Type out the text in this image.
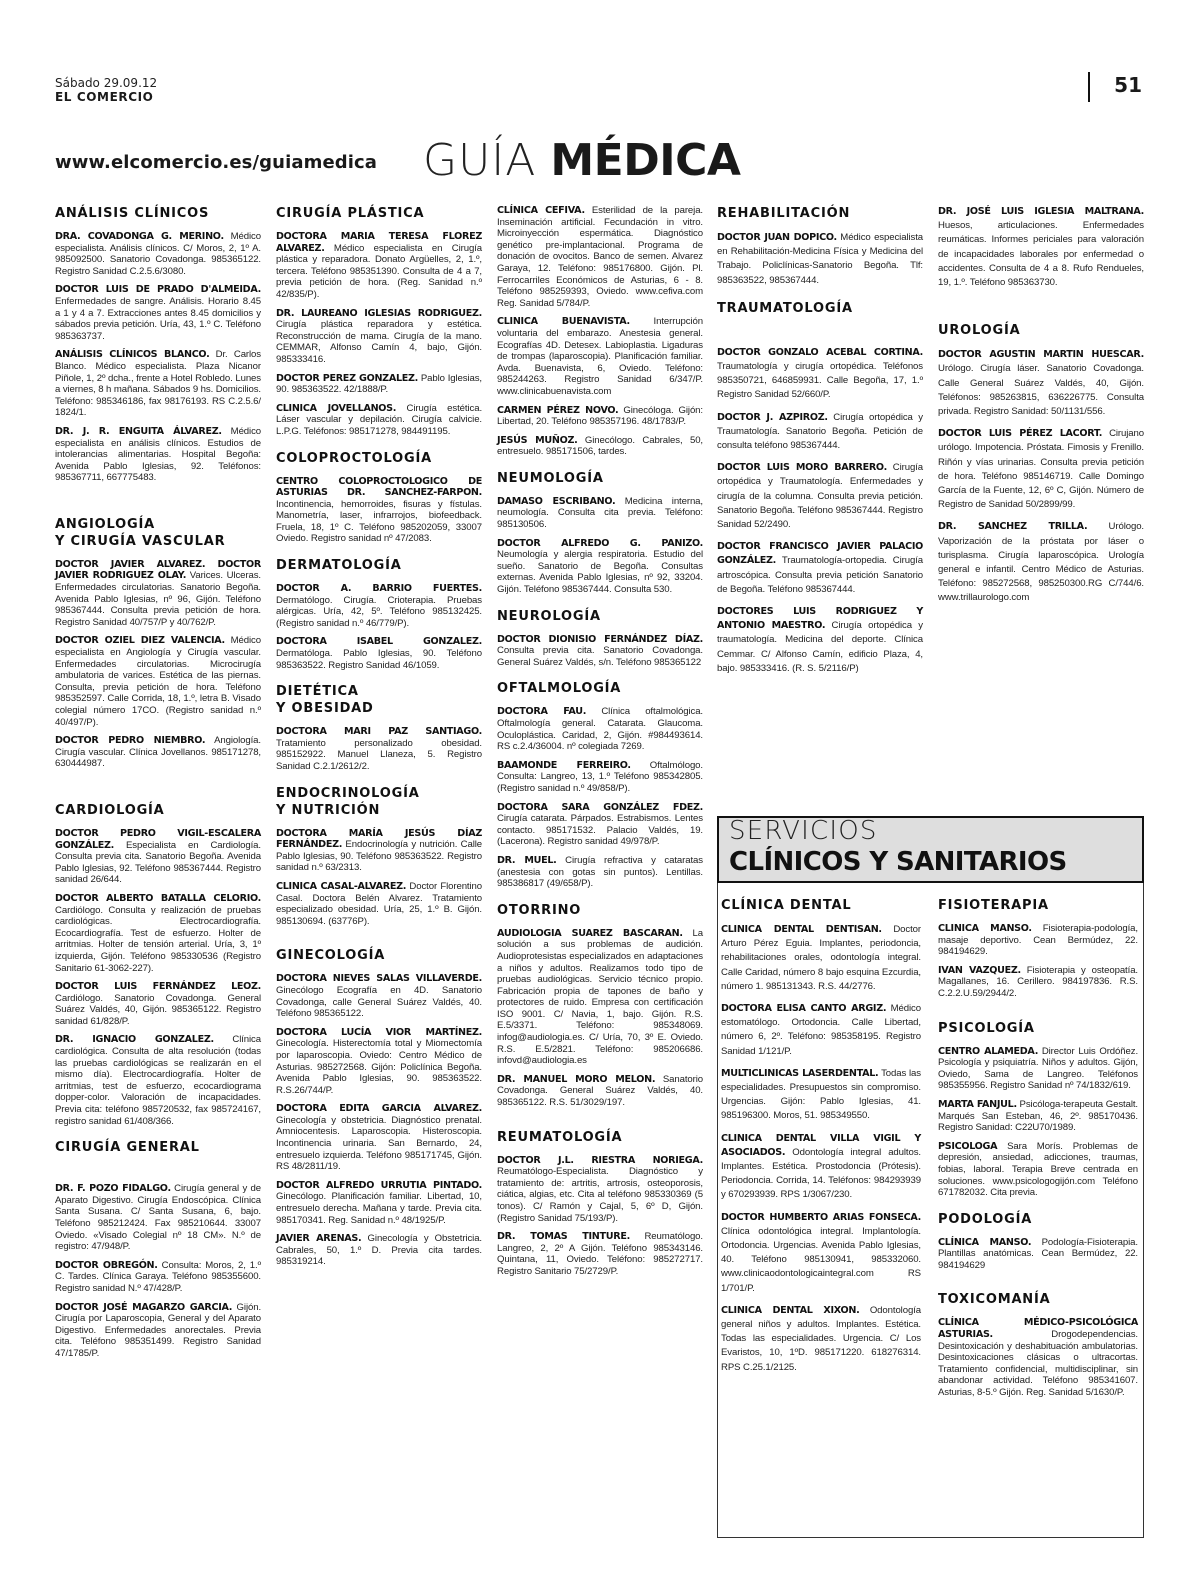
Sábado 29.09.12
EL COMERCIO	51
www.elcomercio.es/guiamedica GUÍA MÉDICA
ANÁLISIS CLÍNICOS

DRA. COVADONGA G. MERINO. Médico especialista. Análisis clínicos. C/ Moros, 2, 1º A. 985092500. Sanatorio Covadonga. 985365122. Registro Sanidad C.2.5.6/3080.

DOCTOR LUIS DE PRADO D'ALMEIDA. Enfermedades de sangre. Análisis. Horario 8.45 a 1 y 4 a 7. Extracciones antes 8.45 domicilios y sábados previa petición. Uría, 43, 1.º C. Teléfono 985363737.

ANÁLISIS CLÍNICOS BLANCO. Dr. Carlos Blanco. Médico especialista. Plaza Nicanor Piñole, 1, 2º dcha., frente a Hotel Robledo. Lunes a viernes, 8 h mañana. Sábados 9 hs. Domicilios. Teléfono: 985346186, fax 98176193. RS C.2.5.6/ 1824/1.

DR. J. R. ENGUITA ÁLVAREZ. Médico especialista en análisis clínicos. Estudios de intolerancias alimentarias. Hospital Begoña: Avenida Pablo Iglesias, 92. Teléfonos: 985367711, 667775483.

ANGIOLOGÍA
Y CIRUGÍA VASCULAR

DOCTOR JAVIER ALVAREZ. DOCTOR JAVIER RODRIGUEZ OLAY. Varices. Ulceras. Enfermedades circulatorias. Sanatorio Begoña. Avenida Pablo Iglesias, nº 96, Gijón. Teléfono 985367444. Consulta previa petición de hora. Registro Sanidad 40/757/P y 40/762/P.

DOCTOR OZIEL DIEZ VALENCIA. Médico especialista en Angiología y Cirugía vascular. Enfermedades circulatorias. Microcirugía ambulatoria de varices. Estética de las piernas. Consulta, previa petición de hora. Teléfono 985352597. Calle Corrida, 18, 1.º, letra B. Visado colegial número 17CO. (Registro sanidad n.º 40/497/P).

DOCTOR PEDRO NIEMBRO. Angiología. Cirugía vascular. Clínica Jovellanos. 985171278, 630444987.

CARDIOLOGÍA

DOCTOR PEDRO VIGIL-ESCALERA GONZÁLEZ. Especialista en Cardiología. Consulta previa cita. Sanatorio Begoña. Avenida Pablo Iglesias, 92. Teléfono 985367444. Registro sanidad 26/644.

DOCTOR ALBERTO BATALLA CELORIO. Cardiólogo. Consulta y realización de pruebas cardiológicas. Electrocardiografía. Ecocardiografía. Test de esfuerzo. Holter de arritmias. Holter de tensión arterial. Uría, 3, 1º izquierda, Gijón. Teléfono 985330536 (Registro Sanitario 61-3062-227).

DOCTOR LUIS FERNÁNDEZ LEOZ. Cardiólogo. Sanatorio Covadonga. General Suárez Valdés, 40, Gijón. 985365122. Registro sanidad 61/828/P.

DR. IGNACIO GONZALEZ. Clínica cardiológica. Consulta de alta resolución (todas las pruebas cardiológicas se realizarán en el mismo día). Electrocardiografía. Holter de arritmias, test de esfuerzo, ecocardiograma dopper-color. Valoración de incapacidades. Previa cita: teléfono 985720532, fax 985724167, registro sanidad 61/408/366.

CIRUGÍA GENERAL

DR. F. POZO FIDALGO. Cirugía general y de Aparato Digestivo. Cirugía Endoscópica. Clínica Santa Susana. C/ Santa Susana, 6, bajo. Teléfono 985212424. Fax 985210644. 33007 Oviedo. «Visado Colegial nº 18 CM». N.º de registro: 47/948/P.

DOCTOR OBREGÓN. Consulta: Moros, 2, 1.º C. Tardes. Clínica Garaya. Teléfono 985355600. Registro sanidad N.º 47/428/P.

DOCTOR JOSÉ MAGARZO GARCIA. Gijón. Cirugía por Laparoscopia, General y del Aparato Digestivo. Enfermedades anorectales. Previa cita. Teléfono 985351499. Registro Sanidad 47/1785/P.

CIRUGÍA PLÁSTICA

DOCTORA MARIA TERESA FLOREZ ALVAREZ. Médico especialista en Cirugía plástica y reparadora. Donato Argüelles, 2, 1.º, tercera. Teléfono 985351390. Consulta de 4 a 7, previa petición de hora. (Reg. Sanidad n.º 42/835/P).

DR. LAUREANO IGLESIAS RODRIGUEZ. Cirugía plástica reparadora y estética. Reconstrucción de mama. Cirugía de la mano. CEMMAR, Alfonso Camín 4, bajo, Gijón. 985333416.

DOCTOR PEREZ GONZALEZ. Pablo Iglesias, 90. 985363522. 42/1888/P.

CLINICA JOVELLANOS. Cirugía estética. Láser vascular y depilación. Cirugía calvicie. L.P.G. Teléfonos: 985171278, 984491195.

COLOPROCTOLOGÍA

CENTRO COLOPROCTOLOGICO DE ASTURIAS DR. SANCHEZ-FARPON. Incontinencia, hemorroides, fisuras y fístulas. Manometría, laser, infrarrojos, biofeedback. Fruela, 18, 1º C. Teléfono 985202059, 33007 Oviedo. Registro sanidad nº 47/2083.

DERMATOLOGÍA

DOCTOR A. BARRIO FUERTES. Dermatólogo. Cirugía. Crioterapia. Pruebas alérgicas. Uría, 42, 5º. Teléfono 985132425. (Registro sanidad n.º 46/779/P).

DOCTORA ISABEL GONZALEZ. Dermatóloga. Pablo Iglesias, 90. Teléfono 985363522. Registro Sanidad 46/1059.

DIETÉTICA
Y OBESIDAD

DOCTORA MARI PAZ SANTIAGO. Tratamiento personalizado obesidad. 985152922. Manuel Llaneza, 5. Registro Sanidad C.2.1/2612/2.

ENDOCRINOLOGÍA
Y NUTRICIÓN

DOCTORA MARÍA JESÚS DÍAZ FERNÁNDEZ. Endocrinología y nutrición. Calle Pablo Iglesias, 90. Teléfono 985363522. Registro sanidad n.º 63/2313.

CLINICA CASAL-ALVAREZ. Doctor Florentino Casal. Doctora Belén Alvarez. Tratamiento especializado obesidad. Uría, 25, 1.º B. Gijón. 985130694. (63776P).

GINECOLOGÍA

DOCTORA NIEVES SALAS VILLAVERDE. Ginecólogo Ecografía en 4D. Sanatorio Covadonga, calle General Suárez Valdés, 40. Teléfono 985365122.

DOCTORA LUCÍA VIOR MARTÍNEZ. Ginecología. Histerectomía total y Miomectomía por laparoscopia. Oviedo: Centro Médico de Asturias. 985272568. Gijón: Policlínica Begoña. Avenida Pablo Iglesias, 90. 985363522. R.S.26/744/P.

DOCTORA EDITA GARCIA ALVAREZ. Ginecología y obstetricia. Diagnóstico prenatal. Amniocentesis. Laparoscopia. Histeroscopia. Incontinencia urinaria. San Bernardo, 24, entresuelo izquierda. Teléfono 985171745, Gijón. RS 48/2811/19.

DOCTOR ALFREDO URRUTIA PINTADO. Ginecólogo. Planificación familiar. Libertad, 10, entresuelo derecha. Mañana y tarde. Previa cita. 985170341. Reg. Sanidad n.º 48/1925/P.

JAVIER ARENAS. Ginecología y Obstetricia. Cabrales, 50, 1.º D. Previa cita tardes. 985319214.

CLÍNICA CEFIVA. Esterilidad de la pareja. Inseminación artificial. Fecundación in vitro. Microinyección espermática. Diagnóstico genético pre-implantacional. Programa de donación de ovocitos. Banco de semen. Alvarez Garaya, 12. Teléfono: 985176800. Gijón. Pl. Ferrocarriles Económicos de Asturias, 6 - 8. Teléfono 985259393, Oviedo. www.cefiva.com Reg. Sanidad 5/784/P.

CLINICA BUENAVISTA. Interrupción voluntaria del embarazo. Anestesia general. Ecografías 4D. Detesex. Labioplastia. Ligaduras de trompas (laparoscopia). Planificación familiar. Avda. Buenavista, 6, Oviedo. Teléfono: 985244263. Registro Sanidad 6/347/P. www.clinicabuenavista.com

CARMEN PÉREZ NOVO. Ginecóloga. Gijón: Libertad, 20. Teléfono 985357196. 48/1783/P.

JESÚS MUÑOZ. Ginecólogo. Cabrales, 50, entresuelo. 985171506, tardes.

NEUMOLOGÍA

DAMASO ESCRIBANO. Medicina interna, neumología. Consulta cita previa. Teléfono: 985130506.

DOCTOR ALFREDO G. PANIZO. Neumología y alergia respiratoria. Estudio del sueño. Sanatorio de Begoña. Consultas externas. Avenida Pablo Iglesias, nº 92, 33204. Gijón. Teléfono 985367444. Consulta 530.

NEUROLOGÍA

DOCTOR DIONISIO FERNÁNDEZ DÍAZ. Consulta previa cita. Sanatorio Covadonga. General Suárez Valdés, s/n. Teléfono 985365122

OFTALMOLOGÍA

DOCTORA FAU. Clínica oftalmológica. Oftalmología general. Catarata. Glaucoma. Oculoplástica. Caridad, 2, Gijón. #984493614. RS c.2.4/36004. nº colegiada 7269.

BAAMONDE FERREIRO. Oftalmólogo. Consulta: Langreo, 13, 1.º Teléfono 985342805. (Registro sanidad n.º 49/858/P).

DOCTORA SARA GONZÁLEZ FDEZ. Cirugía catarata. Párpados. Estrabismos. Lentes contacto. 985171532. Palacio Valdés, 19. (Lacerona). Registro sanidad 49/978/P.

DR. MUEL. Cirugía refractiva y cataratas (anestesia con gotas sin puntos). Lentillas. 985386817 (49/658/P).

OTORRINO

AUDIOLOGIA SUAREZ BASCARAN. La solución a sus problemas de audición. Audioprotesistas especializados en adaptaciones a niños y adultos. Realizamos todo tipo de pruebas audiológicas. Servicio técnico propio. Fabricación propia de tapones de baño y protectores de ruido. Empresa con certificación ISO 9001. C/ Navia, 1, bajo. Gijón. R.S. E.5/3371. Teléfono: 985348069. infog@audiologia.es. C/ Uría, 70, 3º E. Oviedo. R.S. E.5/2821. Teléfono: 985206686. infovd@audiologia.es

DR. MANUEL MORO MELON. Sanatorio Covadonga. General Suárez Valdés, 40. 985365122. R.S. 51/3029/197.

REUMATOLOGÍA

DOCTOR J.L. RIESTRA NORIEGA. Reumatólogo-Especialista. Diagnóstico y tratamiento de: artritis, artrosis, osteoporosis, ciática, algias, etc. Cita al teléfono 985330369 (5 tonos). C/ Ramón y Cajal, 5, 6º D, Gijón. (Registro Sanidad 75/193/P).

DR. TOMAS TINTURE. Reumatólogo. Langreo, 2, 2º A Gijón. Teléfono 985343146. Quintana, 11, Oviedo. Teléfono: 985272717. Registro Sanitario 75/2729/P.

REHABILITACIÓN

DOCTOR JUAN DOPICO. Médico especialista en Rehabilitación-Medicina Física y Medicina del Trabajo. Policlínicas-Sanatorio Begoña. Tlf: 985363522, 985367444.

TRAUMATOLOGÍA

DOCTOR GONZALO ACEBAL CORTINA. Traumatología y cirugía ortopédica. Teléfonos 985350721, 646859931. Calle Begoña, 17, 1.º Registro Sanidad 52/660/P.

DOCTOR J. AZPIROZ. Cirugía ortopédica y Traumatología. Sanatorio Begoña. Petición de consulta teléfono 985367444.

DOCTOR LUIS MORO BARRERO. Cirugía ortopédica y Traumatología. Enfermedades y cirugía de la columna. Consulta previa petición. Sanatorio Begoña. Teléfono 985367444. Registro Sanidad 52/2490.

DOCTOR FRANCISCO JAVIER PALACIO GONZÁLEZ. Traumatología-ortopedia. Cirugía artroscópica. Consulta previa petición Sanatorio de Begoña. Teléfono 985367444.

DOCTORES LUIS RODRIGUEZ Y ANTONIO MAESTRO. Cirugía ortopédica y traumatología. Medicina del deporte. Clínica Cemmar. C/ Alfonso Camín, edificio Plaza, 4, bajo. 985333416. (R. S. 5/2116/P)

DR. JOSÉ LUIS IGLESIA MALTRANA. Huesos, articulaciones. Enfermedades reumáticas. Informes periciales para valoración de incapacidades laborales por enfermedad o accidentes. Consulta de 4 a 8. Rufo Rendueles, 19, 1.º. Teléfono 985363730.

UROLOGÍA

DOCTOR AGUSTIN MARTIN HUESCAR. Urólogo. Cirugía láser. Sanatorio Covadonga. Calle General Suárez Valdés, 40, Gijón. Teléfonos: 985263815, 636226775. Consulta privada. Registro Sanidad: 50/1131/556.

DOCTOR LUIS PÉREZ LACORT. Cirujano urólogo. Impotencia. Próstata. Fimosis y Frenillo. Riñón y vías urinarias. Consulta previa petición de hora. Teléfono 985146719. Calle Domingo García de la Fuente, 12, 6º C, Gijón. Número de Registro de Sanidad 50/2899/99.

DR. SANCHEZ TRILLA. Urólogo. Vaporización de la próstata por láser o turisplasma. Cirugía laparoscópica. Urología general e infantil. Centro Médico de Asturias. Teléfono: 985272568, 985250300.RG C/744/6. www.trillaurologo.com

SERVICIOS
CLÍNICOS Y SANITARIOS
CLÍNICA DENTAL

CLINICA DENTAL DENTISAN. Doctor Arturo Pérez Eguia. Implantes, periodoncia, rehabilitaciones orales, odontología integral. Calle Caridad, número 8 bajo esquina Ezcurdia, número 1. 985131343. R.S. 44/2776.

DOCTORA ELISA CANTO ARGIZ. Médico estomatólogo. Ortodoncia. Calle Libertad, número 6, 2º. Teléfono: 985358195. Registro Sanidad 1/121/P.

MULTICLINICAS LASERDENTAL. Todas las especialidades. Presupuestos sin compromiso. Urgencias. Gijón: Pablo Iglesias, 41. 985196300. Moros, 51. 985349550.

CLINICA DENTAL VILLA VIGIL Y ASOCIADOS. Odontología integral adultos. Implantes. Estética. Prostodoncia (Prótesis). Periodoncia. Corrida, 14. Teléfonos: 984293939 y 670293939. RPS 1/3067/230.

DOCTOR HUMBERTO ARIAS FONSECA. Clínica odontológica integral. Implantología. Ortodoncia. Urgencias. Avenida Pablo Iglesias, 40. Teléfono 985130941, 985332060. www.clinicaodontologicaintegral.com RS 1/701/P.

CLINICA DENTAL XIXON. Odontología general niños y adultos. Implantes. Estética. Todas las especialidades. Urgencia. C/ Los Evaristos, 10, 1ºD. 985171220. 618276314. RPS C.25.1/2125.

FISIOTERAPIA

CLINICA MANSO. Fisioterapia-podología, masaje deportivo. Cean Bermúdez, 22. 984194629.

IVAN VAZQUEZ. Fisioterapia y osteopatía. Magallanes, 16. Cerillero. 984197836. R.S. C.2.2.U.59/2944/2.

PSICOLOGÍA

CENTRO ALAMEDA. Director Luis Ordóñez. Psicología y psiquiatría. Niños y adultos. Gijón, Oviedo, Sama de Langreo. Teléfonos 985355956. Registro Sanidad nº 74/1832/619.

MARTA FANJUL. Psicóloga-terapeuta Gestalt. Marqués San Esteban, 46, 2º. 985170436. Registro Sanidad: C22U70/1989.

PSICOLOGA Sara Morís. Problemas de depresión, ansiedad, adicciones, traumas, fobias, laboral. Terapia Breve centrada en soluciones. www.psicologogijón.com Teléfono 671782032. Cita previa.

PODOLOGÍA

CLÍNICA MANSO. Podología-Fisioterapia. Plantillas anatómicas. Cean Bermúdez, 22. 984194629

TOXICOMANÍA

CLÍNICA MÉDICO-PSICOLÓGICA ASTURIAS. Drogodependencias. Desintoxicación y deshabituación ambulatorias. Desintoxicaciones clásicas o ultracortas. Tratamiento confidencial, multidisciplinar, sin abandonar actividad. Teléfono 985341607. Asturias, 8-5.º Gijón. Reg. Sanidad 5/1630/P.
